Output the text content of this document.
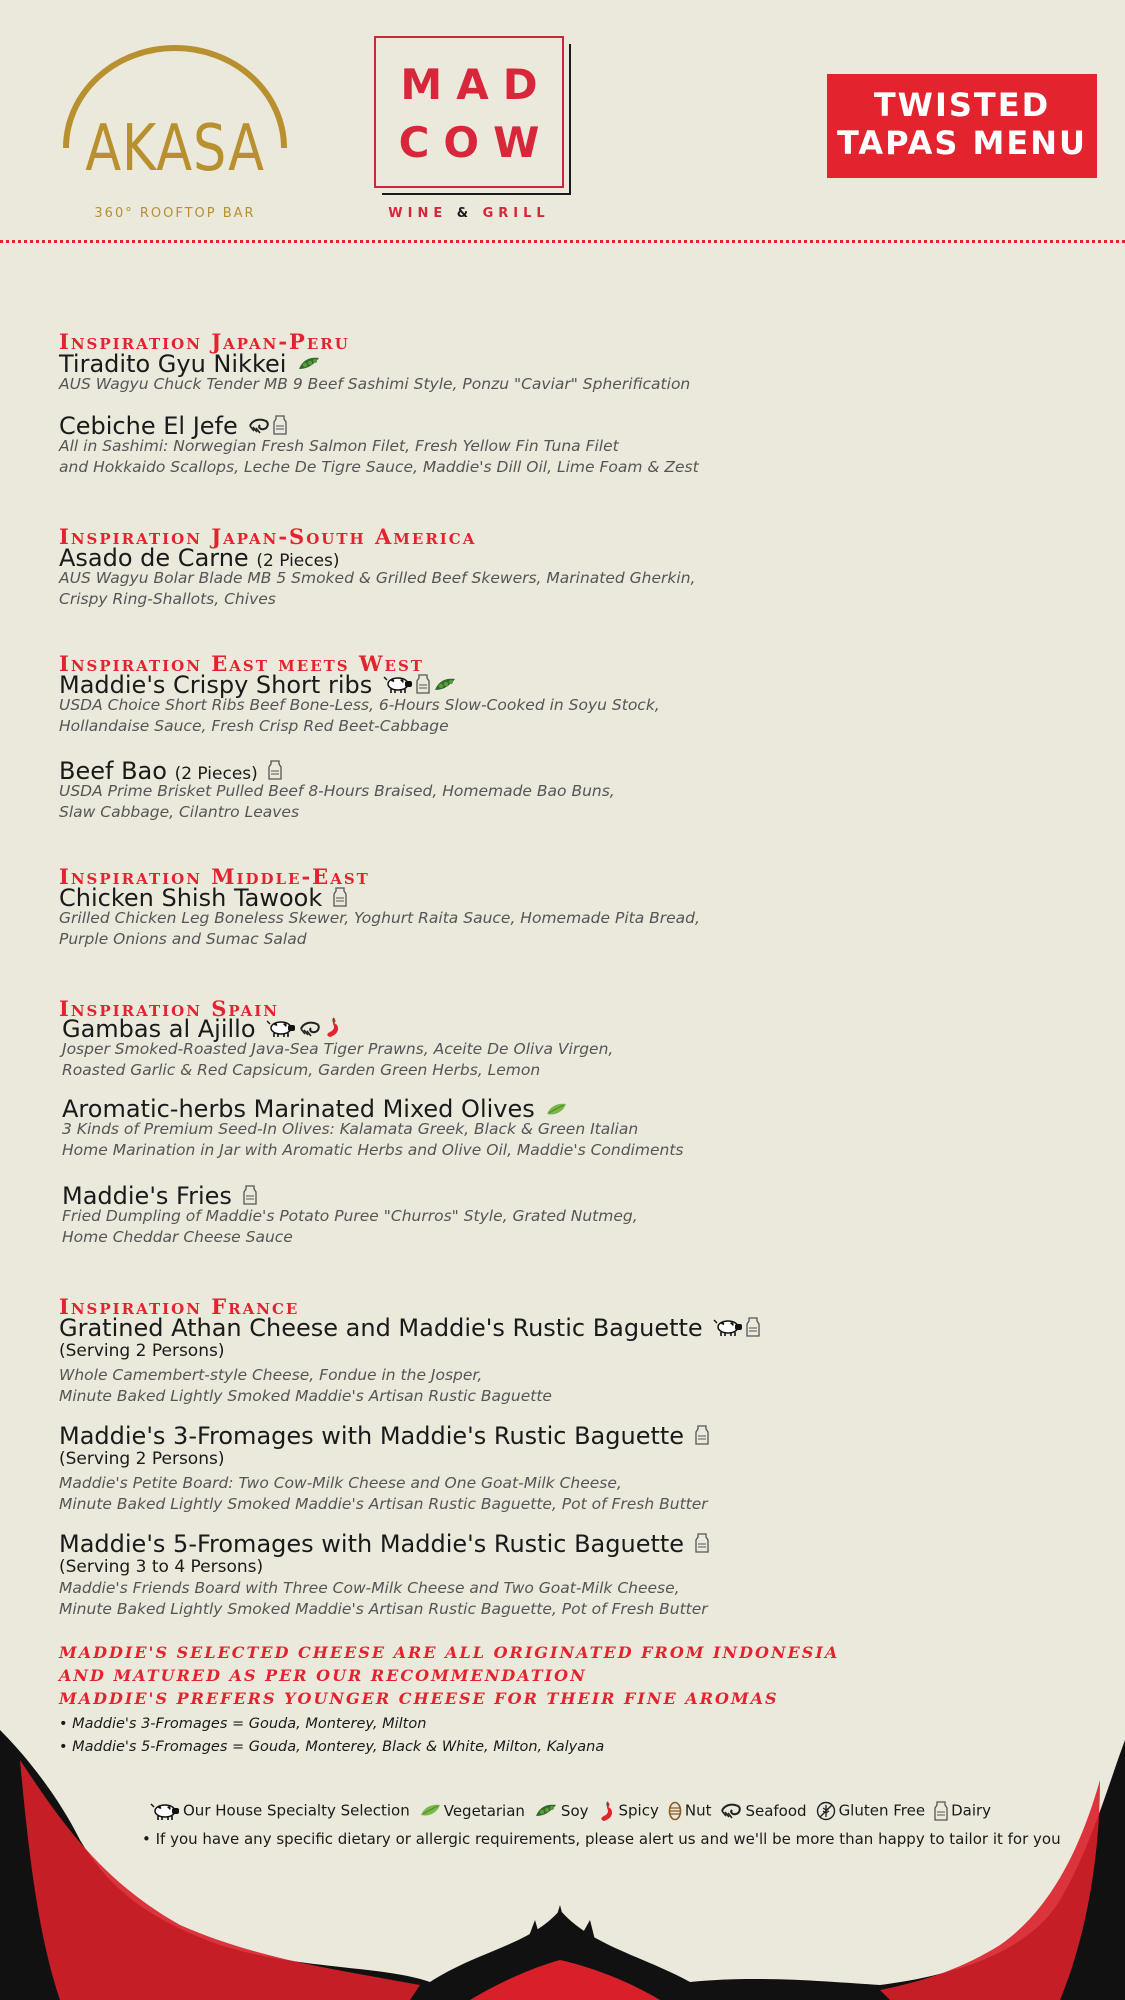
AKASA
360° ROOFTOP BAR
MAD
COW
WINE & GRILL
TWISTED
TAPAS MENU
Inspiration Japan-Peru
Tiradito Gyu Nikkei
AUS Wagyu Chuck Tender MB 9 Beef Sashimi Style, Ponzu "Caviar" Spherification
Cebiche El Jefe
All in Sashimi: Norwegian Fresh Salmon Filet, Fresh Yellow Fin Tuna Filet
and Hokkaido Scallops, Leche De Tigre Sauce, Maddie's Dill Oil, Lime Foam & Zest
Inspiration Japan-South America
Asado de Carne (2 Pieces)
AUS Wagyu Bolar Blade MB 5 Smoked & Grilled Beef Skewers, Marinated Gherkin,
Crispy Ring-Shallots, Chives
Inspiration East meets West
Maddie's Crispy Short ribs
USDA Choice Short Ribs Beef Bone-Less, 6-Hours Slow-Cooked in Soyu Stock,
Hollandaise Sauce, Fresh Crisp Red Beet-Cabbage
Beef Bao (2 Pieces)
USDA Prime Brisket Pulled Beef 8-Hours Braised, Homemade Bao Buns,
Slaw Cabbage, Cilantro Leaves
Inspiration Middle-East
Chicken Shish Tawook
Grilled Chicken Leg Boneless Skewer, Yoghurt Raita Sauce, Homemade Pita Bread,
Purple Onions and Sumac Salad
Inspiration Spain
Gambas al Ajillo
Josper Smoked-Roasted Java-Sea Tiger Prawns, Aceite De Oliva Virgen,
Roasted Garlic & Red Capsicum, Garden Green Herbs, Lemon
Aromatic-herbs Marinated Mixed Olives
3 Kinds of Premium Seed-In Olives: Kalamata Greek, Black & Green Italian
Home Marination in Jar with Aromatic Herbs and Olive Oil, Maddie's Condiments
Maddie's Fries
Fried Dumpling of Maddie's Potato Puree "Churros" Style, Grated Nutmeg,
Home Cheddar Cheese Sauce
Inspiration France
Gratined Athan Cheese and Maddie's Rustic Baguette
(Serving 2 Persons)
Whole Camembert-style Cheese, Fondue in the Josper,
Minute Baked Lightly Smoked Maddie's Artisan Rustic Baguette
Maddie's 3-Fromages with Maddie's Rustic Baguette
(Serving 2 Persons)
Maddie's Petite Board: Two Cow-Milk Cheese and One Goat-Milk Cheese,
Minute Baked Lightly Smoked Maddie's Artisan Rustic Baguette, Pot of Fresh Butter
Maddie's 5-Fromages with Maddie's Rustic Baguette
(Serving 3 to 4 Persons)
Maddie's Friends Board with Three Cow-Milk Cheese and Two Goat-Milk Cheese,
Minute Baked Lightly Smoked Maddie's Artisan Rustic Baguette, Pot of Fresh Butter
MADDIE'S SELECTED CHEESE ARE ALL ORIGINATED FROM INDONESIA
AND MATURED AS PER OUR RECOMMENDATION
MADDIE'S PREFERS YOUNGER CHEESE FOR THEIR FINE AROMAS
• Maddie's 3-Fromages = Gouda, Monterey, Milton
• Maddie's 5-Fromages = Gouda, Monterey, Black & White, Milton, Kalyana
Our House Specialty Selection Vegetarian Soy Spicy Nut Seafood Gluten Free Dairy
• If you have any specific dietary or allergic requirements, please alert us and we'll be more than happy to tailor it for you
